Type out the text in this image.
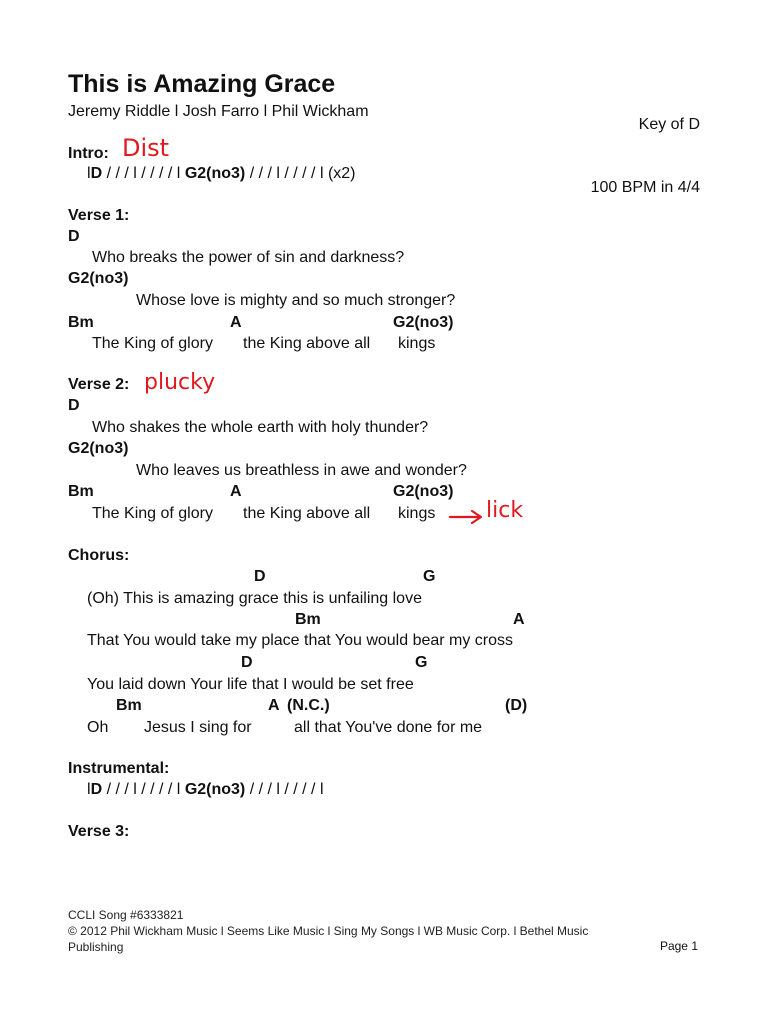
This is Amazing Grace
Jeremy Riddle l Josh Farro l Phil Wickham

Key of D

100 BPM in 4/4

Intro: Dist
lD / / / l / / / / l G2(no3) / / / l / / / / l (x2)
Verse 1:
D
Who breaks the power of sin and darkness?
G2(no3)
Whose love is mighty and so much stronger?
Bm	A	G2(no3)
The King of glory the King above all kings
Verse 2: plucky
D
Who shakes the whole earth with holy thunder?
G2(no3)
Who leaves us breathless in awe and wonder?
Bm	A	G2(no3)
The King of glory the King above all kings lick
Chorus:
D	G
(Oh) This is amazing grace this is unfailing love
Bm	A
That You would take my place that You would bear my cross
D	G
You laid down Your life that I would be set free
Bm	A (N.C.)	(D)
Oh Jesus I sing for	all that You've done for me
Instrumental:
lD / / / l / / / / l G2(no3) / / / l / / / / l
Verse 3:
CCLI Song #6333821
© 2012 Phil Wickham Music l Seems Like Music l Sing My Songs l WB Music Corp. l Bethel Music
Publishing	Page 1
